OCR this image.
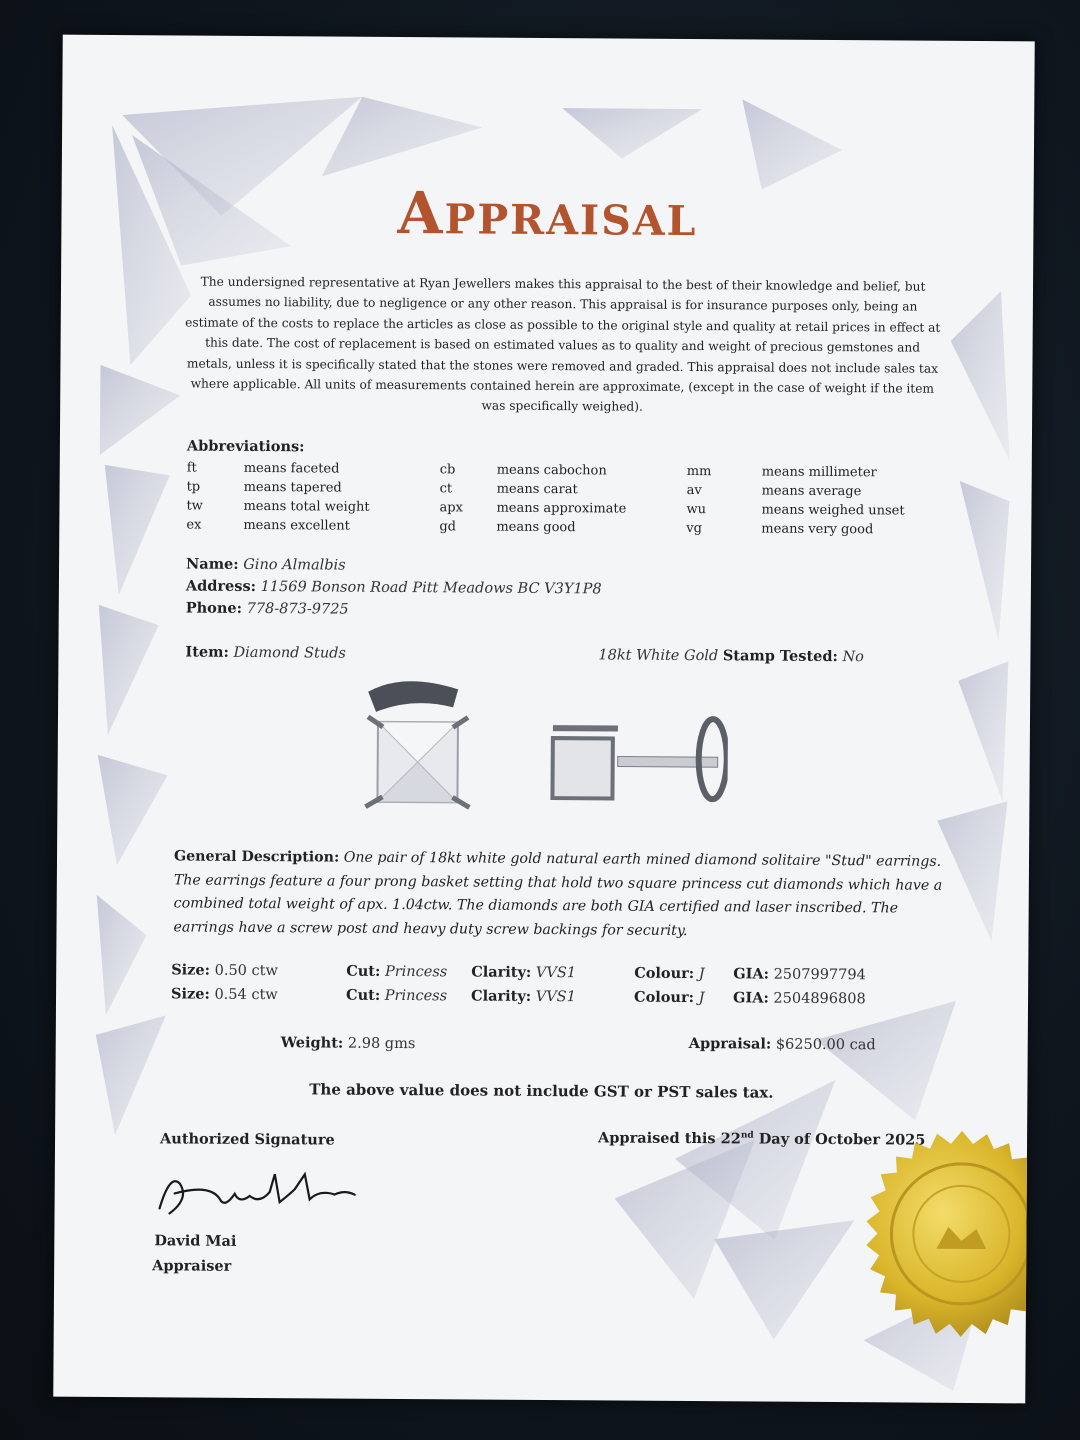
Appraisal
The undersigned representative at Ryan Jewellers makes this appraisal to the best of their knowledge and belief, but assumes no liability, due to negligence or any other reason. This appraisal is for insurance purposes only, being an estimate of the costs to replace the articles as close as possible to the original style and quality at retail prices in effect at this date. The cost of replacement is based on estimated values as to quality and weight of precious gemstones and metals, unless it is specifically stated that the stones were removed and graded. This appraisal does not include sales tax where applicable. All units of measurements contained herein are approximate, (except in the case of weight if the item was specifically weighed).
Abbreviations:
ft	means faceted	cb	means cabochon	mm	means millimeter
tp	means tapered	ct	means carat	av	means average
tw	means total weight	apx	means approximate	wu	means weighed unset
ex	means excellent	gd	means good	vg	means very good
Name: Gino Almalbis
Address: 11569 Bonson Road Pitt Meadows BC V3Y1P8
Phone: 778-873-9725
Item: Diamond Studs	18kt White Gold Stamp Tested: No
General Description: One pair of 18kt white gold natural earth mined diamond solitaire "Stud" earrings. The earrings feature a four prong basket setting that hold two square princess cut diamonds which have a combined total weight of apx. 1.04ctw. The diamonds are both GIA certified and laser inscribed. The earrings have a screw post and heavy duty screw backings for security.
Size: 0.50 ctw	Cut: Princess Clarity: VVS1	Colour: J GIA: 2507997794
Size: 0.54 ctw	Cut: Princess Clarity: VVS1	Colour: J GIA: 2504896808
Weight: 2.98 gms	Appraisal: $6250.00 cad
The above value does not include GST or PST sales tax.
Authorized Signature	Appraised this 22nd Day of October 2025
David Mai
Appraiser
